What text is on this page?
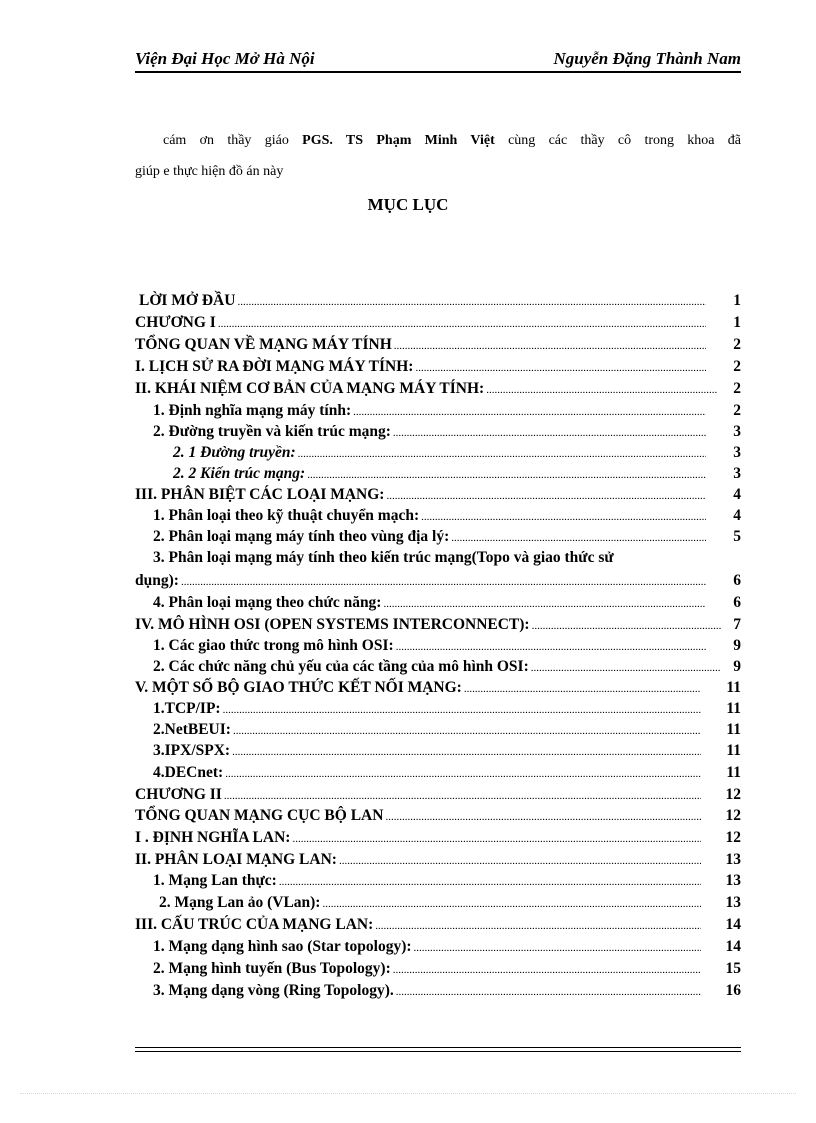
Viện Đại Học Mở Hà Nội	Nguyễn Đặng Thành Nam
cám ơn thầy giáo PGS. TS Phạm Minh Việt cùng các thầy cô trong khoa đã
giúp e thực hiện đồ án này
MỤC LỤC
LỜI MỞ ĐẦU .....	1
CHƯƠNG I .....	1
TỔNG QUAN VỀ MẠNG MÁY TÍNH .....	2
I. LỊCH SỬ RA ĐỜI MẠNG MÁY TÍNH: .....	2
II. KHÁI NIỆM CƠ BẢN CỦA MẠNG MÁY TÍNH: .....	2
1. Định nghĩa mạng máy tính: .....	2
2. Đường truyền và kiến trúc mạng: .....	3
2. 1 Đường truyền: .....	3
2. 2 Kiến trúc mạng: .....	3
III. PHÂN BIỆT CÁC LOẠI MẠNG: .....	4
1. Phân loại theo kỹ thuật chuyển mạch: .....	4
2. Phân loại mạng máy tính theo vùng địa lý: .....	5
3. Phân loại mạng máy tính theo kiến trúc mạng(Topo và giao thức sử
dụng): .....	6
4. Phân loại mạng theo chức năng: .....	6
IV. MÔ HÌNH OSI (OPEN SYSTEMS INTERCONNECT): .....	7
1. Các giao thức trong mô hình OSI: .....	9
2. Các chức năng chủ yếu của các tầng của mô hình OSI: .....	9
V. MỘT SỐ BỘ GIAO THỨC KẾT NỐI MẠNG: .....	11
1.TCP/IP: .....	11
2.NetBEUI: .....	11
3.IPX/SPX: .....	11
4.DECnet: .....	11
CHƯƠNG II .....	12
TỔNG QUAN MẠNG CỤC BỘ LAN .....	12
I . ĐỊNH NGHĨA LAN: .....	12
II. PHÂN LOẠI MẠNG LAN: .....	13
1. Mạng Lan thực: .....	13
2. Mạng Lan ảo (VLan): .....	13
III. CẤU TRÚC CỦA MẠNG LAN: .....	14
1. Mạng dạng hình sao (Star topology): .....	14
2. Mạng hình tuyến (Bus Topology): .....	15
3. Mạng dạng vòng (Ring Topology). .....	16
